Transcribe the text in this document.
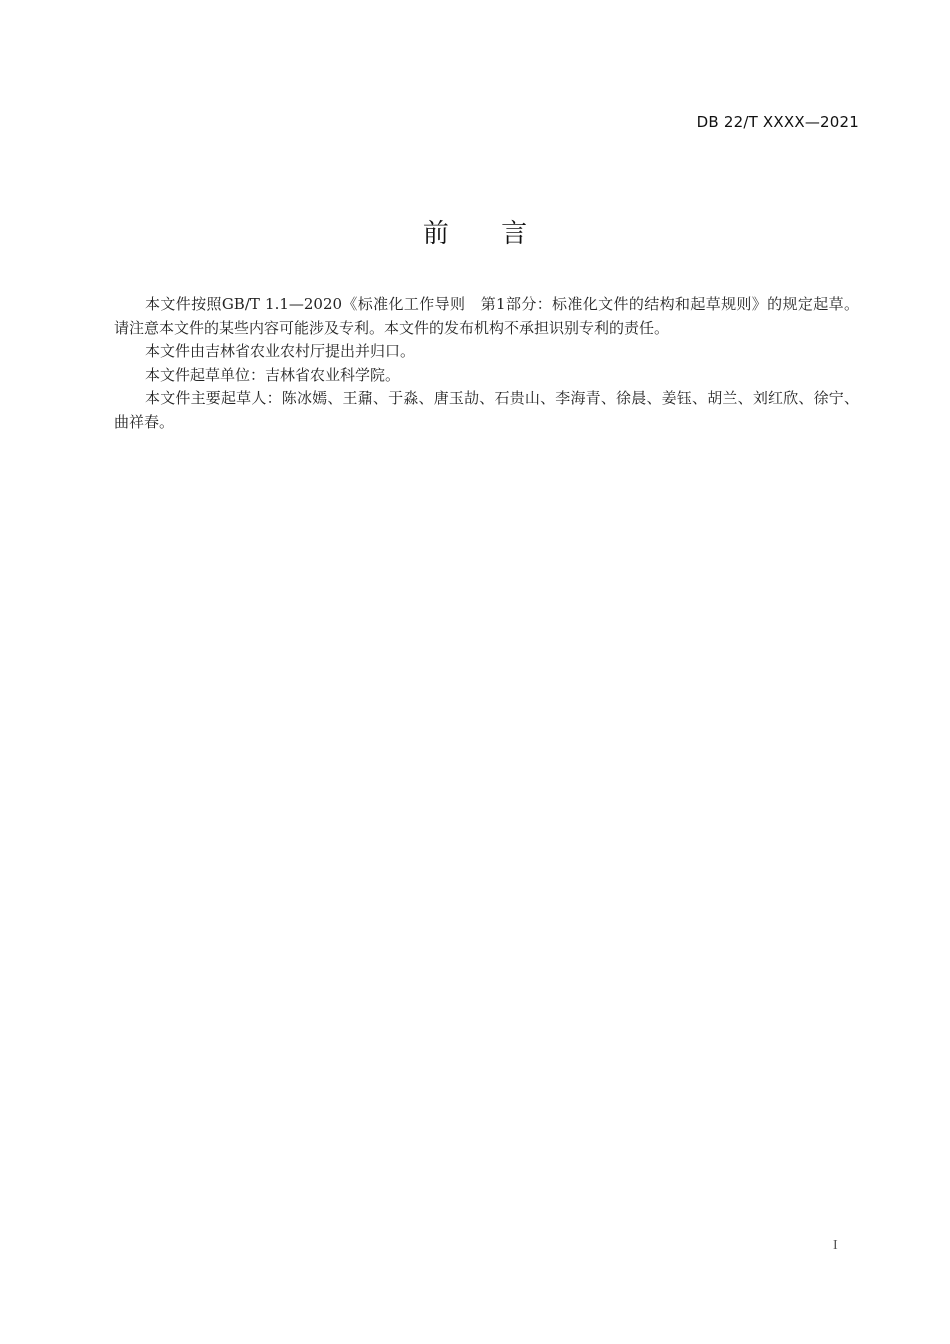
DB 22/T XXXX—2021
前 言

本文件按照GB/T 1.1—2020《标准化工作导则　第1部分：标准化文件的结构和起草规则》的规定起草。请注意本文件的某些内容可能涉及专利。本文件的发布机构不承担识别专利的责任。

本文件由吉林省农业农村厅提出并归口。

本文件起草单位：吉林省农业科学院。

本文件主要起草人：陈冰嫣、王鼐、于淼、唐玉劼、石贵山、李海青、徐晨、姜钰、胡兰、刘红欣、徐宁、曲祥春。

I
